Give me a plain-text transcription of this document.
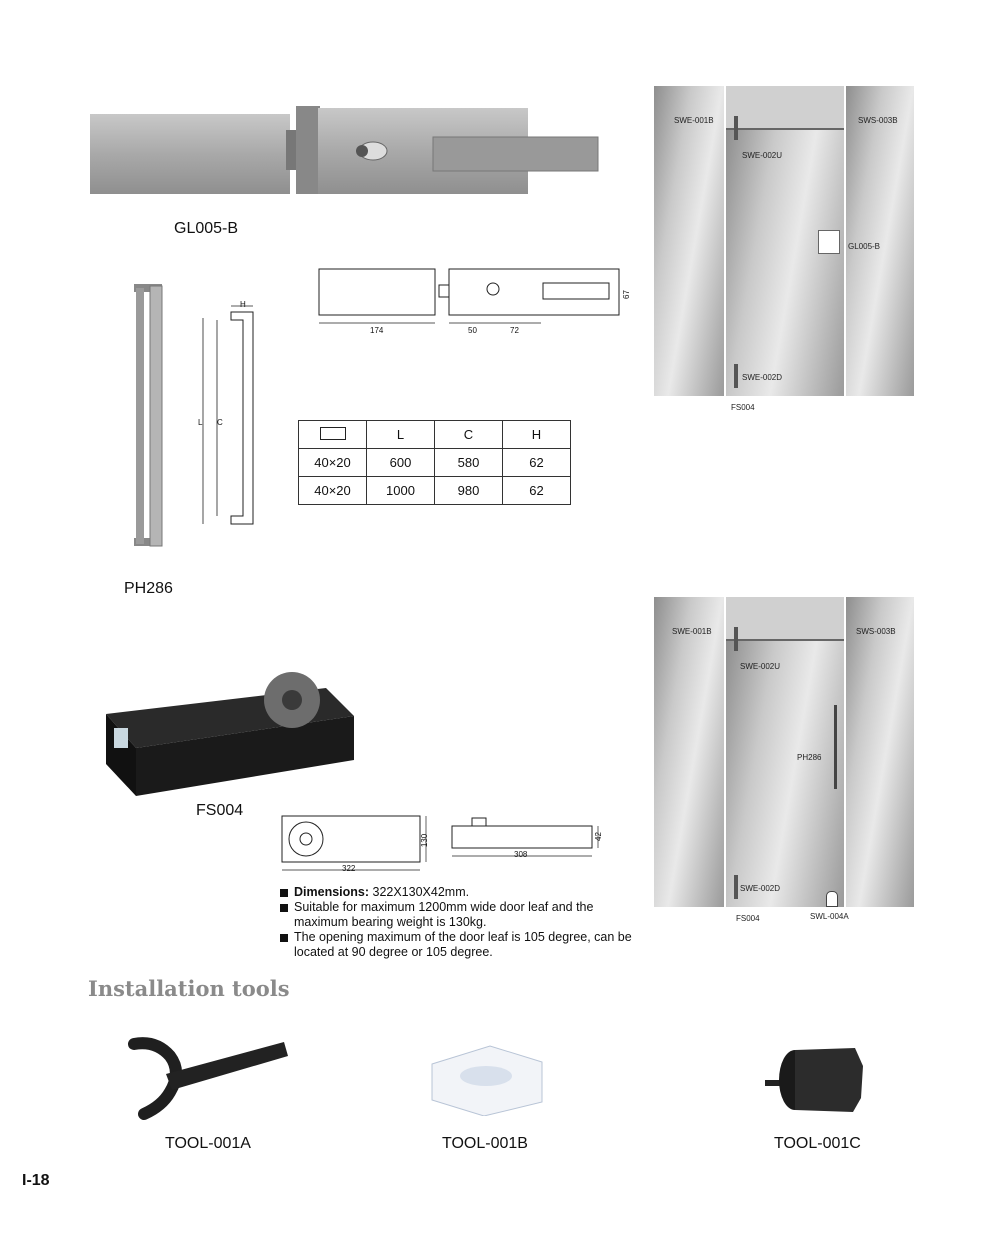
GL005-B
PH286
L C
H
174	50	72
67
	L	C	H
40×20	600	580	62
40×20	1000	980	62
SWE-001B	SWS-003B
SWE-002U
GL005-B
SWE-002D
FS004
FS004
322
130
308
42
Dimensions: 322X130X42mm.
Suitable for maximum 1200mm wide door leaf and the maximum bearing weight is 130kg.
The opening maximum of the door leaf is 105 degree, can be located at 90 degree or 105 degree.
SWE-001B	SWS-003B
SWE-002U
PH286
SWE-002D
FS004	SWL-004A
Installation tools
TOOL-001A	TOOL-001B	TOOL-001C
I-18
